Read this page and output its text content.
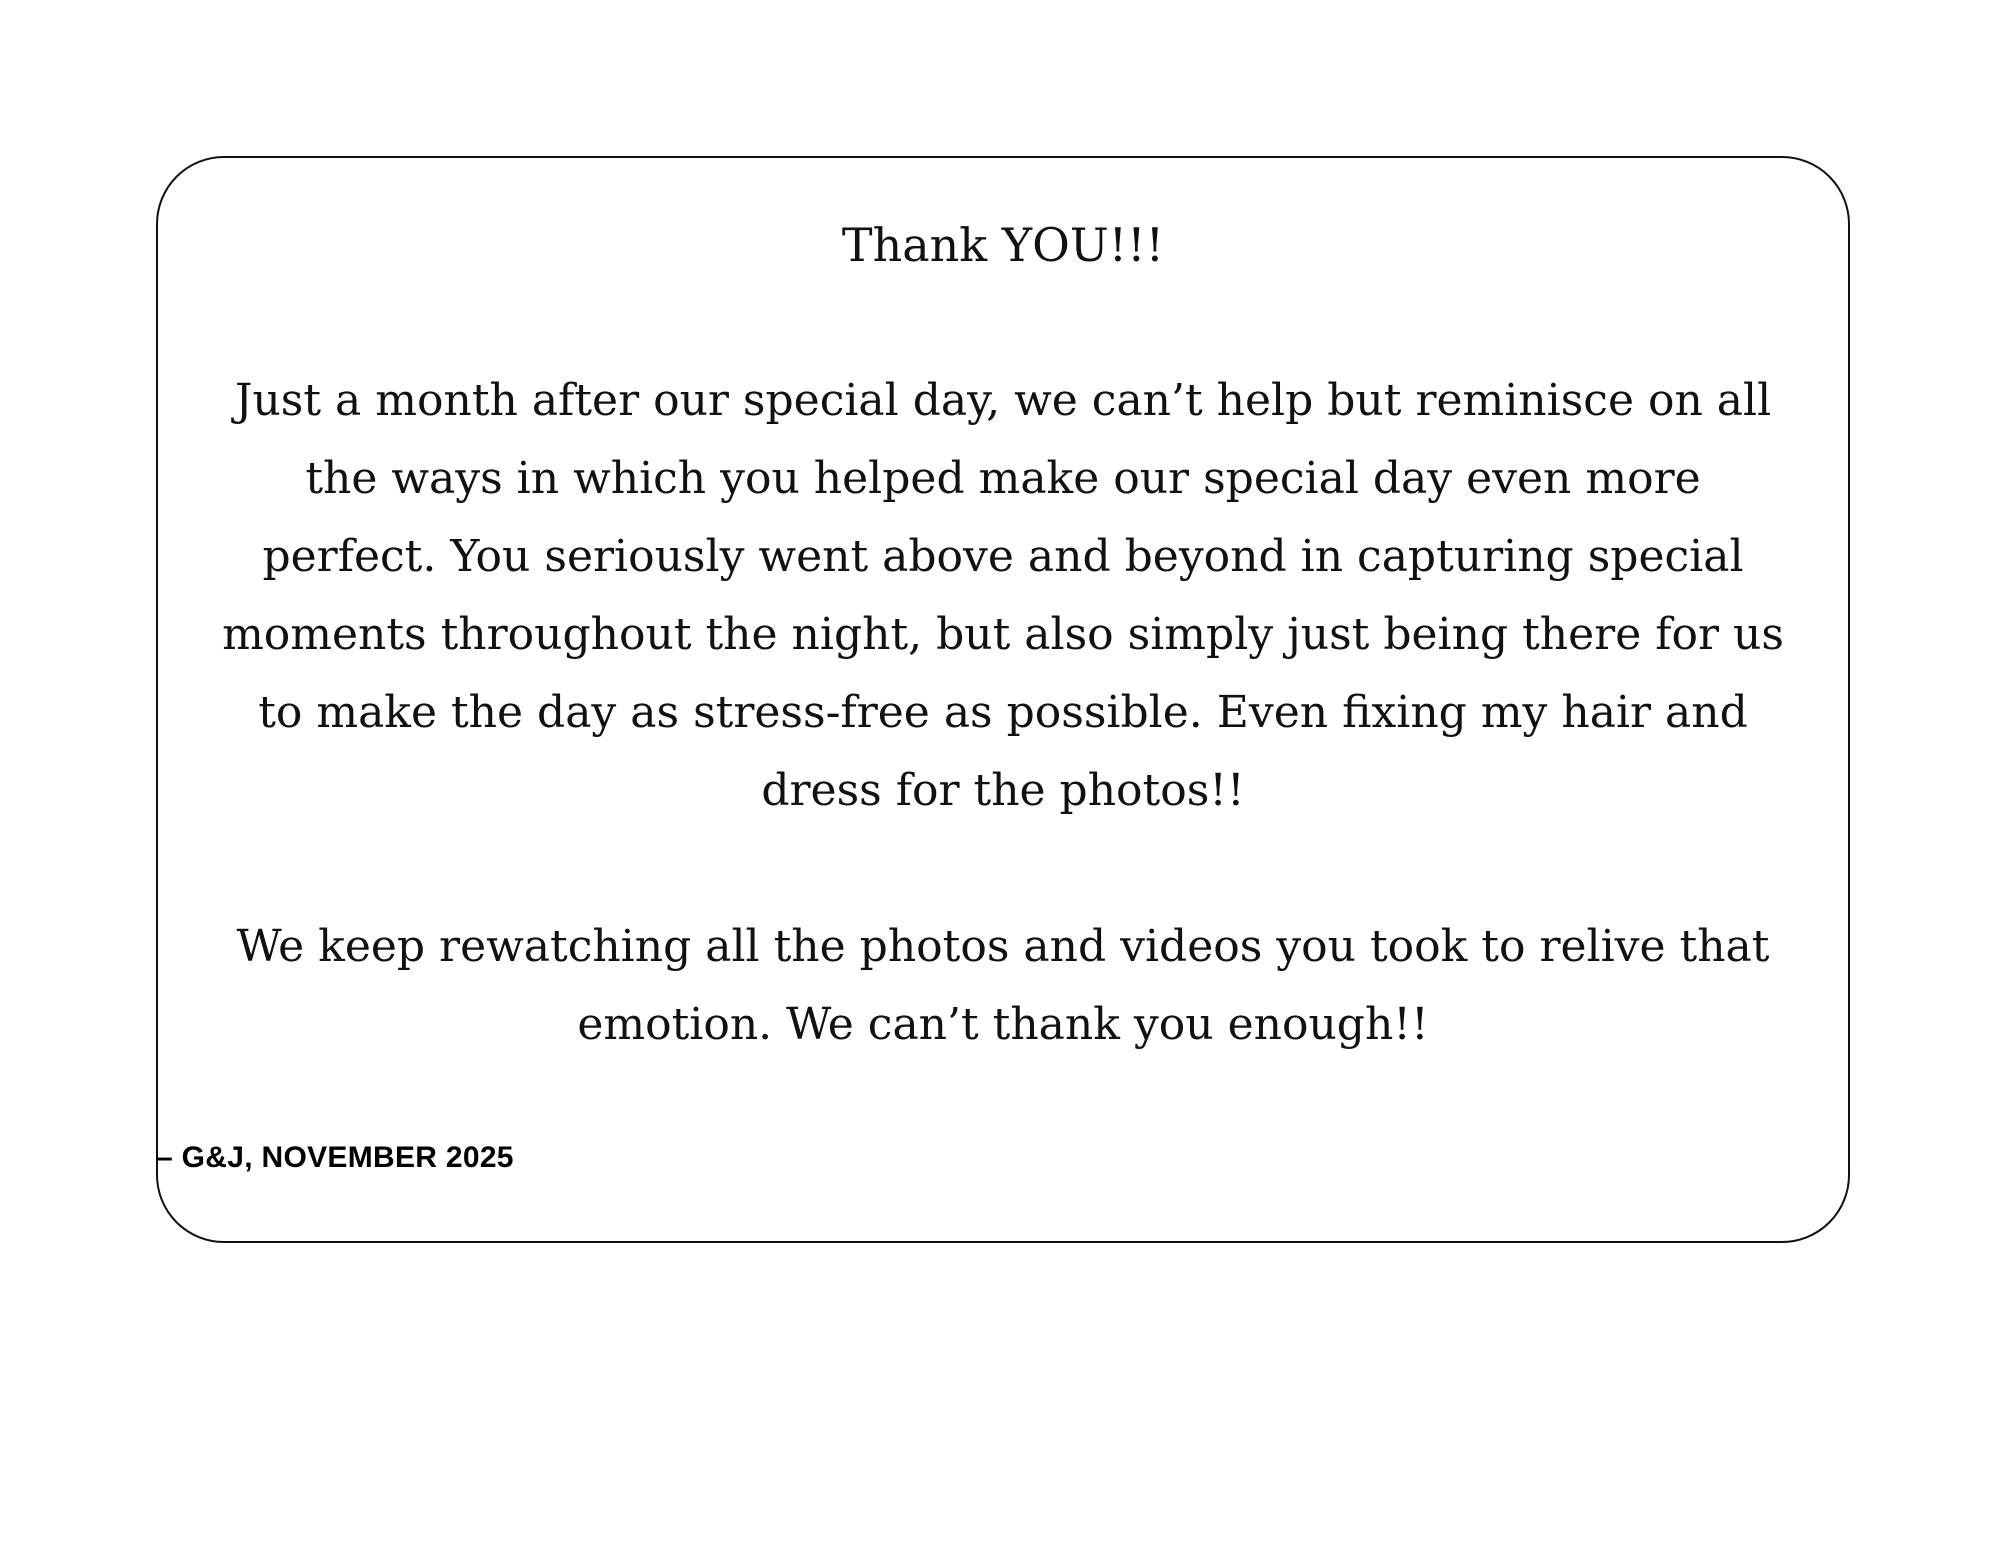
Thank YOU!!!

Just a month after our special day, we can’t help but reminisce on all the ways in which you helped make our special day even more perfect. You seriously went above and beyond in capturing special moments throughout the night, but also simply just being there for us to make the day as stress-free as possible. Even fixing my hair and dress for the photos!!

We keep rewatching all the photos and videos you took to relive that emotion. We can’t thank you enough!!

– G&J, NOVEMBER 2025
